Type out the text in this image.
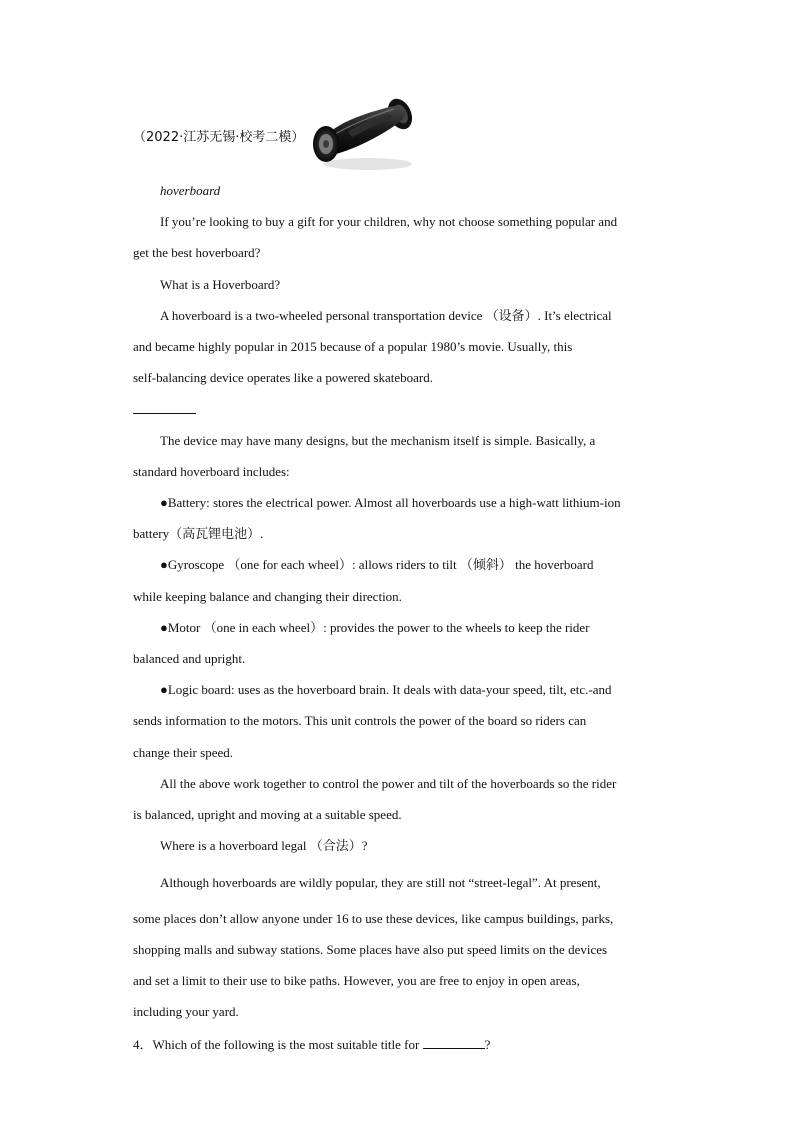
（2022·江苏无锡·校考二模）
hoverboard
If you’re looking to buy a gift for your children, why not choose something popular and
get the best hoverboard?
What is a Hoverboard?
A hoverboard is a two-wheeled personal transportation device （设备）. It’s electrical
and became highly popular in 2015 because of a popular 1980’s movie. Usually, this
self-balancing device operates like a powered skateboard.
The device may have many designs, but the mechanism itself is simple. Basically, a
standard hoverboard includes:
●Battery: stores the electrical power. Almost all hoverboards use a high-watt lithium-ion
battery（高瓦锂电池）.
●Gyroscope （one for each wheel）: allows riders to tilt （倾斜） the hoverboard
while keeping balance and changing their direction.
●Motor （one in each wheel）: provides the power to the wheels to keep the rider
balanced and upright.
●Logic board: uses as the hoverboard brain. It deals with data-your speed, tilt, etc.-and
sends information to the motors. This unit controls the power of the board so riders can
change their speed.
All the above work together to control the power and tilt of the hoverboards so the rider
is balanced, upright and moving at a suitable speed.
Where is a hoverboard legal （合法）?
Although hoverboards are wildly popular, they are still not “street-legal”. At present,
some places don’t allow anyone under 16 to use these devices, like campus buildings, parks,
shopping malls and subway stations. Some places have also put speed limits on the devices
and set a limit to their use to bike paths. However, you are free to enjoy in open areas,
including your yard.
4．Which of the following is the most suitable title for	?
